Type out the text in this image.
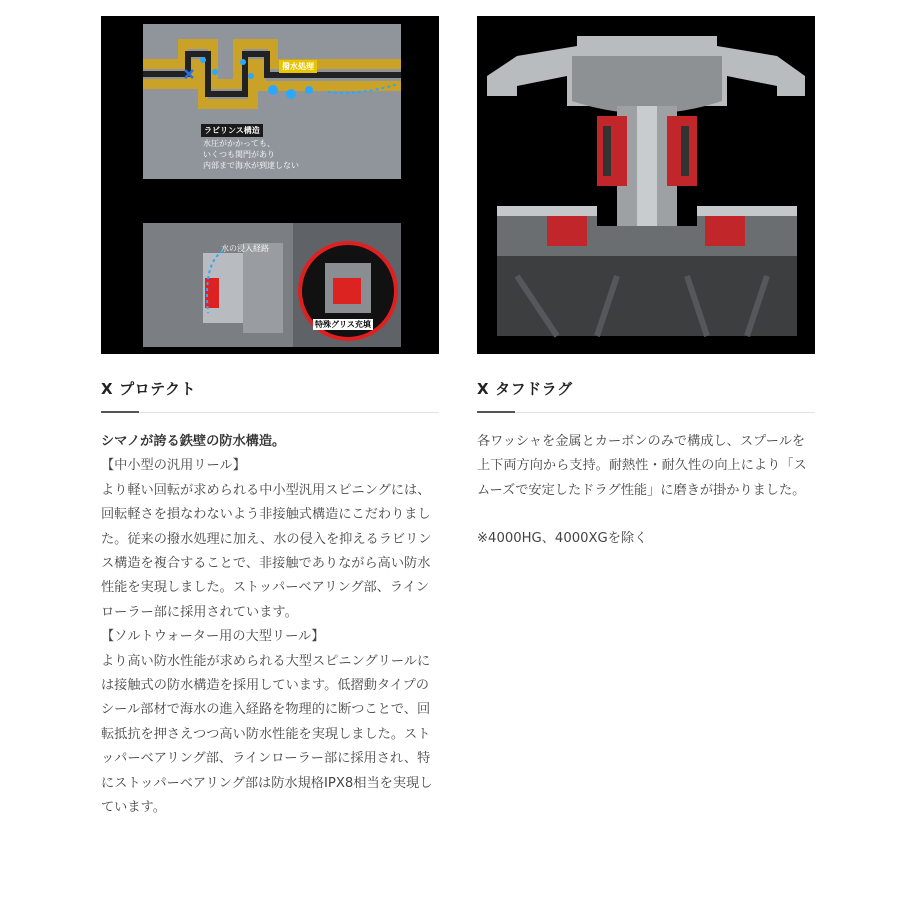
撥水処理
ラビリンス構造
水圧がかかっても、
いくつも関門があり
内部まで海水が到達しない
水の浸入経路
特殊グリス充填
X プロテクト

シマノが誇る鉄壁の防水構造。

【中小型の汎用リール】

より軽い回転が求められる中小型汎用スピニングには、回転軽さを損なわないよう非接触式構造にこだわりました。従来の撥水処理に加え、水の侵入を抑えるラビリンス構造を複合することで、非接触でありながら高い防水性能を実現しました。ストッパーベアリング部、ラインローラー部に採用されています。

【ソルトウォーター用の大型リール】

より高い防水性能が求められる大型スピニングリールには接触式の防水構造を採用しています。低摺動タイプのシール部材で海水の進入経路を物理的に断つことで、回転抵抗を押さえつつ高い防水性能を実現しました。ストッパーベアリング部、ラインローラー部に採用され、特にストッパーベアリング部は防水規格IPX8相当を実現しています。

X タフドラグ

各ワッシャを金属とカーボンのみで構成し、スプールを上下両方向から支持。耐熱性・耐久性の向上により「スムーズで安定したドラグ性能」に磨きが掛かりました。

※4000HG、4000XGを除く
